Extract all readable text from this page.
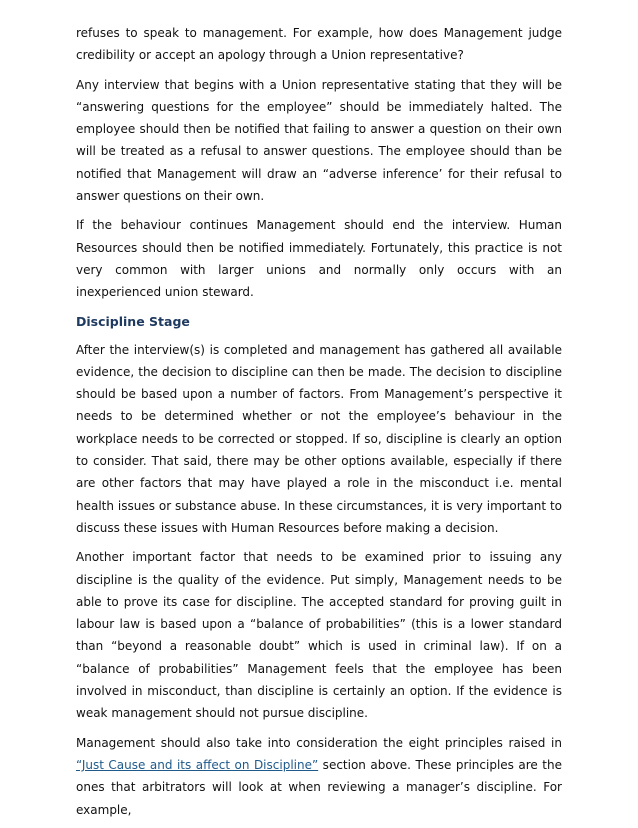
refuses to speak to management. For example, how does Management judge credibility or accept an apology through a Union representative?

Any interview that begins with a Union representative stating that they will be “answering questions for the employee” should be immediately halted. The employee should then be notified that failing to answer a question on their own will be treated as a refusal to answer questions. The employee should than be notified that Management will draw an “adverse inference’ for their refusal to answer questions on their own.

If the behaviour continues Management should end the interview. Human Resources should then be notified immediately. Fortunately, this practice is not very common with larger unions and normally only occurs with an inexperienced union steward.

Discipline Stage

After the interview(s) is completed and management has gathered all available evidence, the decision to discipline can then be made. The decision to discipline should be based upon a number of factors. From Management’s perspective it needs to be determined whether or not the employee’s behaviour in the workplace needs to be corrected or stopped. If so, discipline is clearly an option to consider. That said, there may be other options available, especially if there are other factors that may have played a role in the misconduct i.e. mental health issues or substance abuse. In these circumstances, it is very important to discuss these issues with Human Resources before making a decision.

Another important factor that needs to be examined prior to issuing any discipline is the quality of the evidence. Put simply, Management needs to be able to prove its case for discipline. The accepted standard for proving guilt in labour law is based upon a “balance of probabilities” (this is a lower standard than “beyond a reasonable doubt” which is used in criminal law). If on a “balance of probabilities” Management feels that the employee has been involved in misconduct, than discipline is certainly an option. If the evidence is weak management should not pursue discipline.

Management should also take into consideration the eight principles raised in “Just Cause and its affect on Discipline” section above. These principles are the ones that arbitrators will look at when reviewing a manager’s discipline. For example,
